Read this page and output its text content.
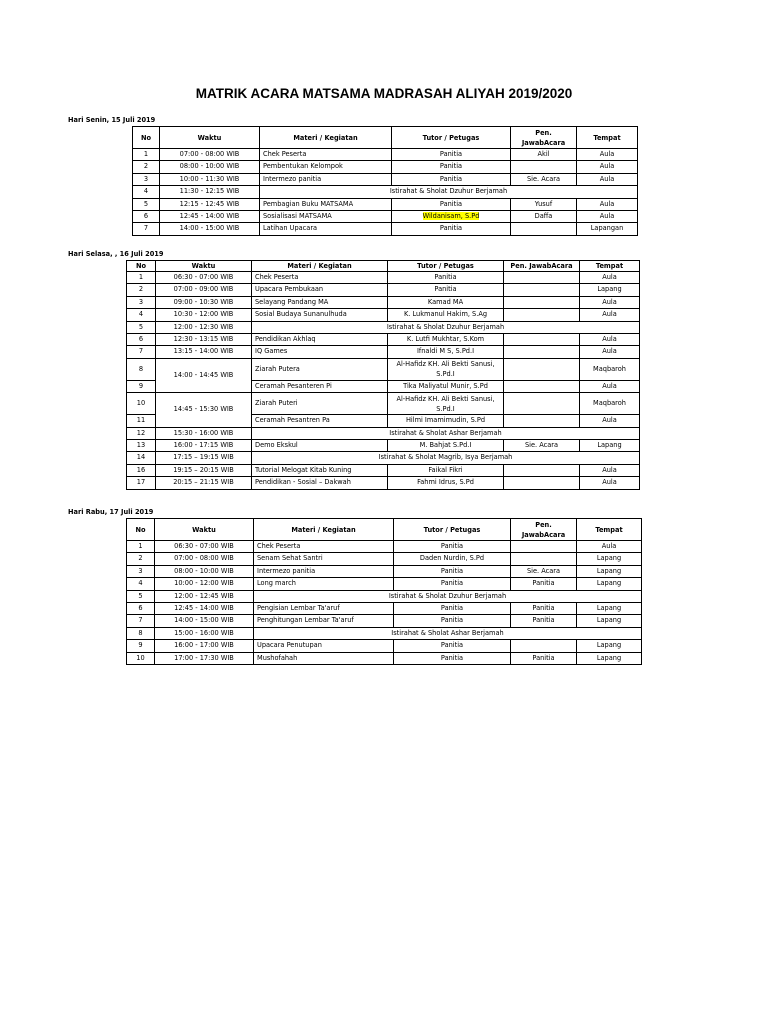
MATRIK ACARA MATSAMA MADRASAH ALIYAH 2019/2020
Hari Senin, 15 Juli 2019
No	Waktu	Materi / Kegiatan	Tutor / Petugas	Pen. JawabAcara	Tempat
1	07:00 - 08:00 WIB	Chek Peserta	Panitia	Akil	Aula
2	08:00 - 10:00 WIB	Pembentukan Kelompok	Panitia		Aula
3	10:00 - 11:30 WIB	Intermezo panitia	Panitia	Sie. Acara	Aula
4	11:30 - 12:15 WIB	Istirahat & Sholat Dzuhur Berjamah			
5	12:15 - 12:45 WIB	Pembagian Buku MATSAMA	Panitia	Yusuf	Aula
6	12:45 - 14:00 WIB	Sosialisasi MATSAMA	Wildanisam, S.Pd	Daffa	Aula
7	14:00 - 15:00 WIB	Latihan Upacara	Panitia		Lapangan
Hari Selasa, , 16 Juli 2019
No	Waktu	Materi / Kegiatan	Tutor / Petugas	Pen. JawabAcara	Tempat
1	06:30 - 07:00 WIB	Chek Peserta	Panitia		Aula
2	07:00 - 09:00 WIB	Upacara Pembukaan	Panitia		Lapang
3	09:00 - 10:30 WIB	Selayang Pandang MA	Kamad MA		Aula
4	10:30 - 12:00 WIB	Sosial Budaya Sunanulhuda	K. Lukmanul Hakim, S.Ag		Aula
5	12:00 - 12:30 WIB	Istirahat & Sholat Dzuhur Berjamah			
6	12:30 - 13:15 WIB	Pendidikan Akhlaq	K. Lutfi Mukhtar, S.Kom		Aula
7	13:15 - 14:00 WIB	IQ Games	Ifnaldi M S, S.Pd.I		Aula
8	14:00 - 14:45 WIB	Ziarah Putera	Al-Hafidz KH. Ali Bekti Sanusi, S.Pd.I		Maqbaroh
9		Ceramah Pesanteren Pi	Tika Maliyatul Munir, S.Pd		Aula
10	14:45 - 15:30 WIB	Ziarah Puteri	Al-Hafidz KH. Ali Bekti Sanusi, S.Pd.I		Maqbaroh
11		Ceramah Pesantren Pa	Hilmi Imamimudin, S.Pd		Aula
12	15:30 - 16:00 WIB	Istirahat & Sholat Ashar Berjamah			
13	16:00 - 17:15 WIB	Demo Ekskul	M. Bahjat S.Pd.I	Sie. Acara	Lapang
14	17:15 – 19:15 WIB	Istirahat & Sholat Magrib, Isya Berjamah			
16	19:15 – 20:15 WIB	Tutorial Melogat Kitab Kuning	Faikal Fikri		Aula
17	20:15 – 21:15 WIB	Pendidikan - Sosial – Dakwah	Fahmi Idrus, S.Pd		Aula
Hari Rabu, 17 Juli 2019
No	Waktu	Materi / Kegiatan	Tutor / Petugas	Pen. JawabAcara	Tempat
1	06:30 - 07:00 WIB	Chek Peserta	Panitia		Aula
2	07:00 - 08:00 WIB	Senam Sehat Santri	Daden Nurdin, S.Pd		Lapang
3	08:00 - 10:00 WIB	Intermezo panitia	Panitia	Sie. Acara	Lapang
4	10:00 - 12:00 WIB	Long march	Panitia	Panitia	Lapang
5	12:00 - 12:45 WIB	Istirahat & Sholat Dzuhur Berjamah			
6	12:45 - 14:00 WIB	Pengisian Lembar Ta'aruf	Panitia	Panitia	Lapang
7	14:00 - 15:00 WIB	Penghitungan Lembar Ta'aruf	Panitia	Panitia	Lapang
8	15:00 - 16:00 WIB	Istirahat & Sholat Ashar Berjamah			
9	16:00 - 17:00 WIB	Upacara Penutupan	Panitia		Lapang
10	17:00 - 17:30 WIB	Mushofahah	Panitia	Panitia	Lapang
